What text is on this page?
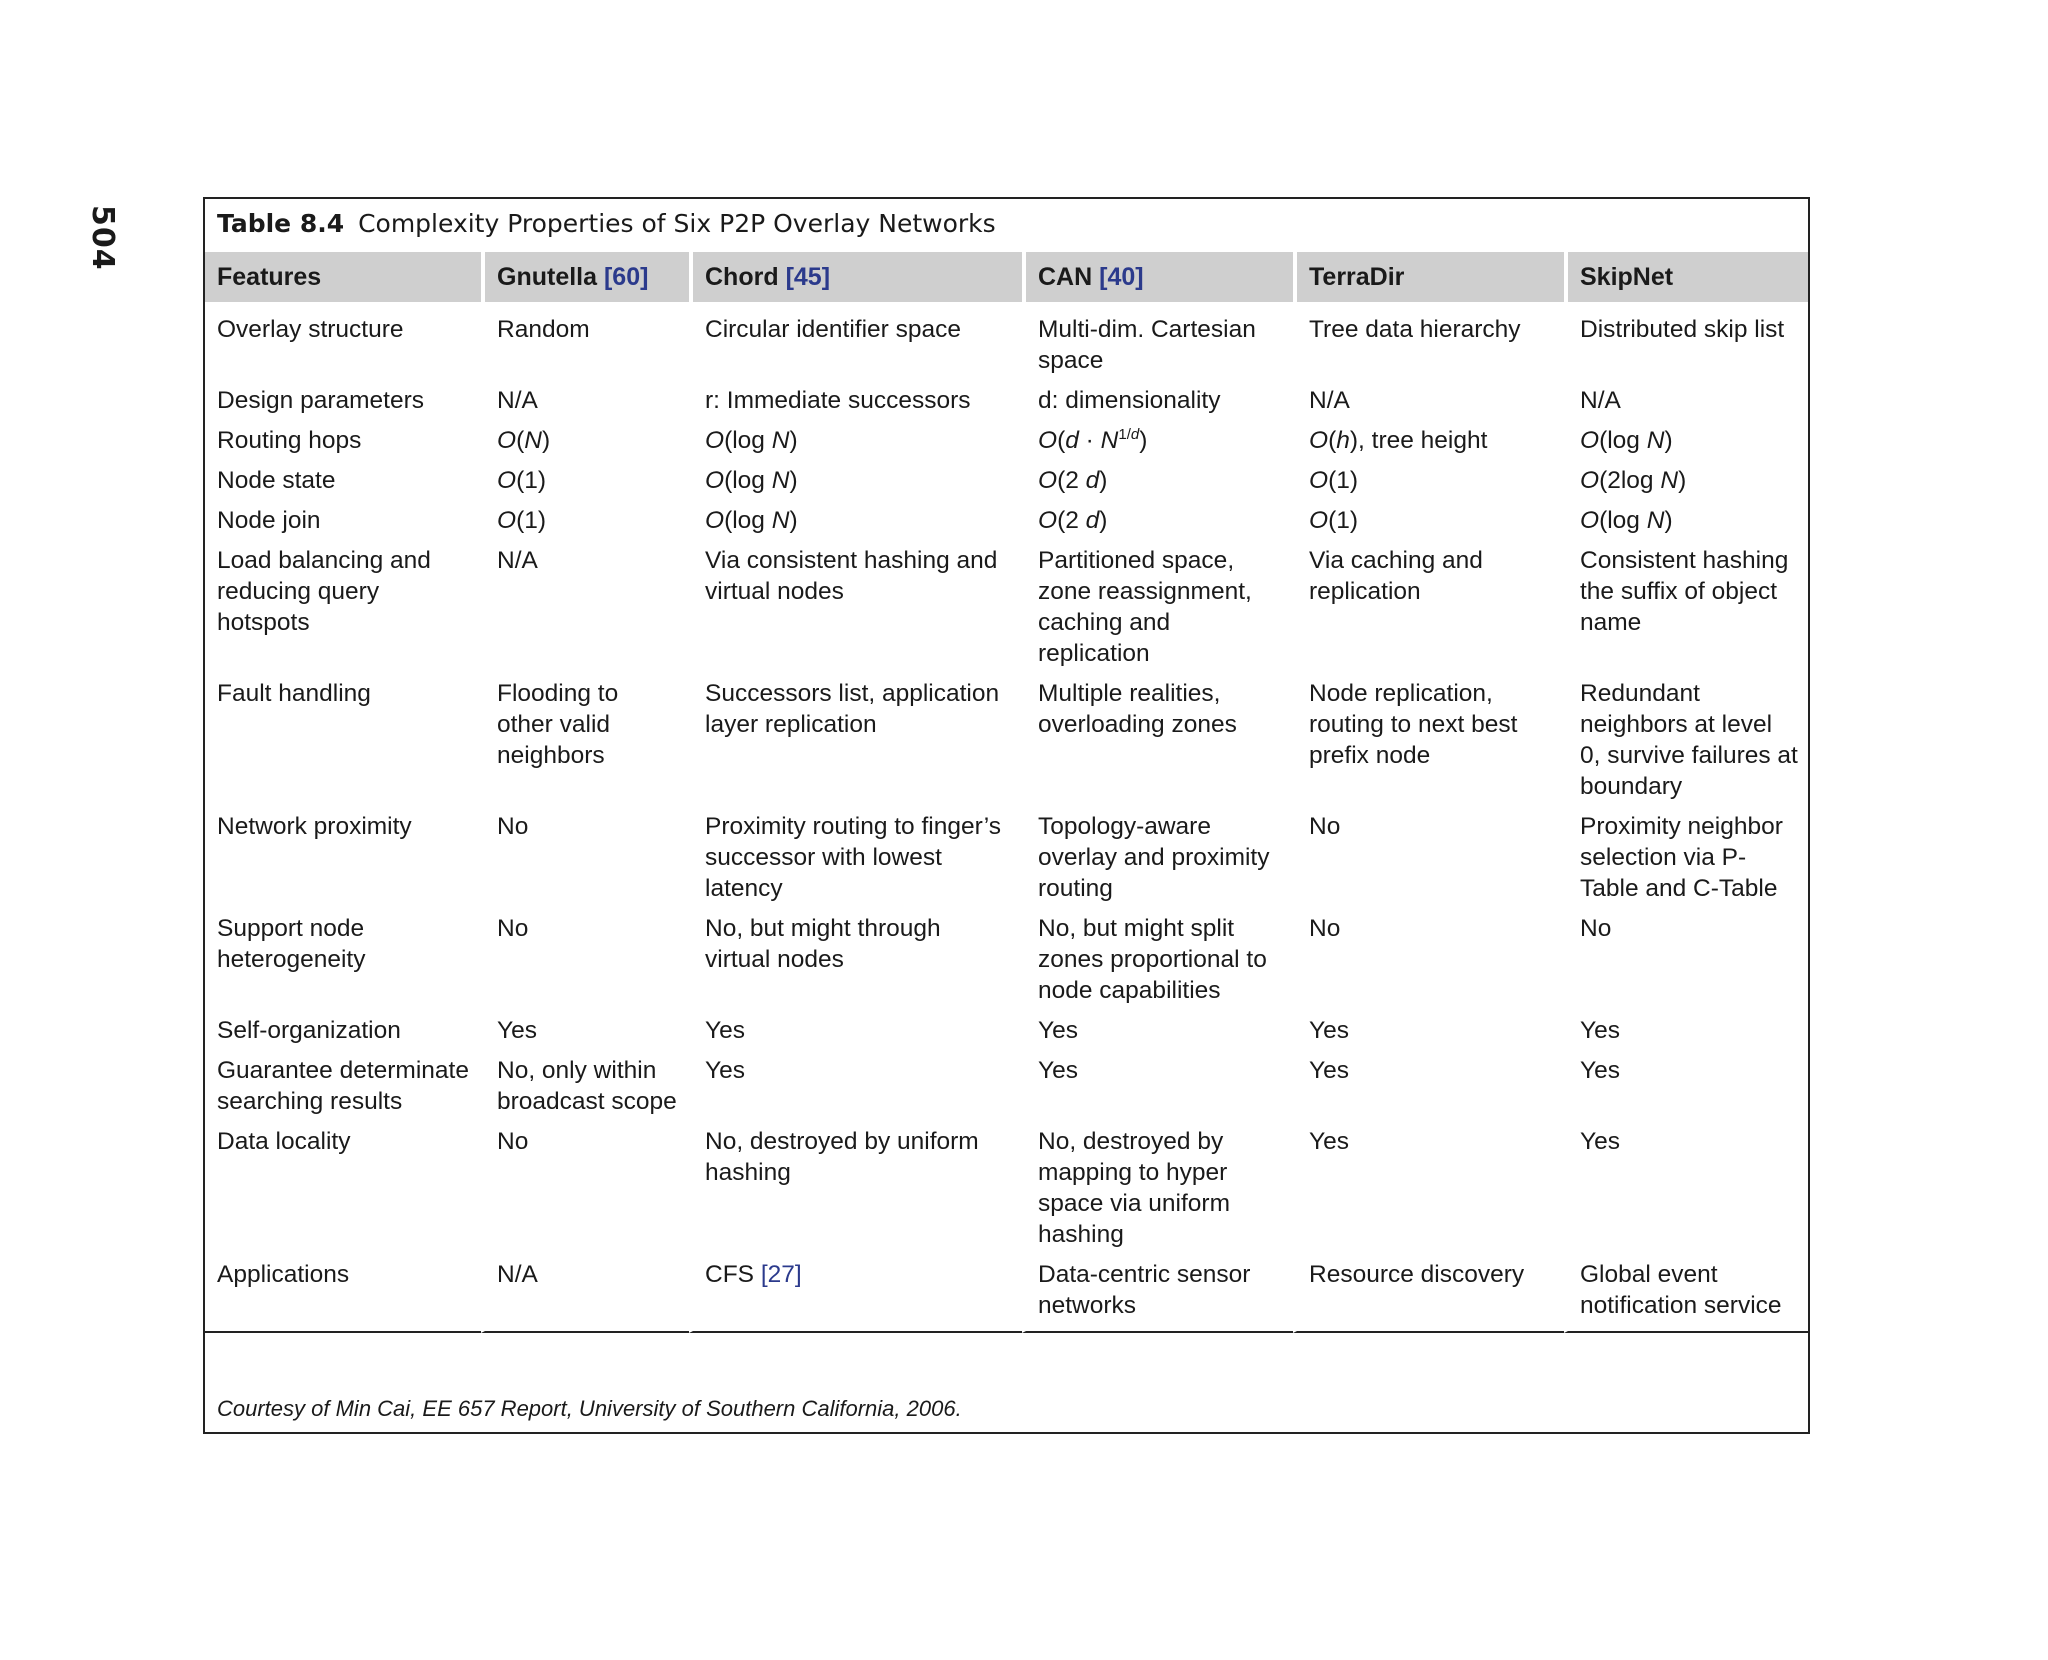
504	Table 8.4 Complexity Properties of Six P2P Overlay Networks
Features	Gnutella [60]	Chord [45]	CAN [40]	TerraDir	SkipNet
Overlay structure	Random	Circular identifier space	Multi-dim. Cartesian space	Tree data hierarchy	Distributed skip list
Design parameters	N/A	r: Immediate successors	d: dimensionality	N/A	N/A
Routing hops	O(N)	O(log N)	$O(d \cdot N^{1/d})$	O(h), tree height	O(log N)
Node state	O(1)	O(log N)	O(2 d)	O(1)	O(2log N)
Node join	O(1)	O(log N)	O(2 d)	O(1)	O(log N)
Load balancing and reducing query hotspots	N/A	Via consistent hashing and virtual nodes	Partitioned space, zone reassignment, caching and replication	Via caching and replication	Consistent hashing the suffix of object name
Fault handling	Flooding to other valid neighbors	Successors list, application layer replication	Multiple realities, overloading zones	Node replication, routing to next best prefix node	Redundant neighbors at level 0, survive failures at boundary
Network proximity	No	Proximity routing to finger’s successor with lowest latency	Topology-aware overlay and proximity routing	No	Proximity neighbor selection via P-Table and C-Table
Support node heterogeneity	No	No, but might through virtual nodes	No, but might split zones proportional to node capabilities	No	No
Self-organization	Yes	Yes	Yes	Yes	Yes
Guarantee determinate searching results	No, only within broadcast scope	Yes	Yes	Yes	Yes
Data locality	No	No, destroyed by uniform hashing	No, destroyed by mapping to hyper space via uniform hashing	Yes	Yes
Applications	N/A	CFS [27]	Data-centric sensor networks	Resource discovery	Global event notification service
Courtesy of Min Cai, EE 657 Report, University of Southern California, 2006.
